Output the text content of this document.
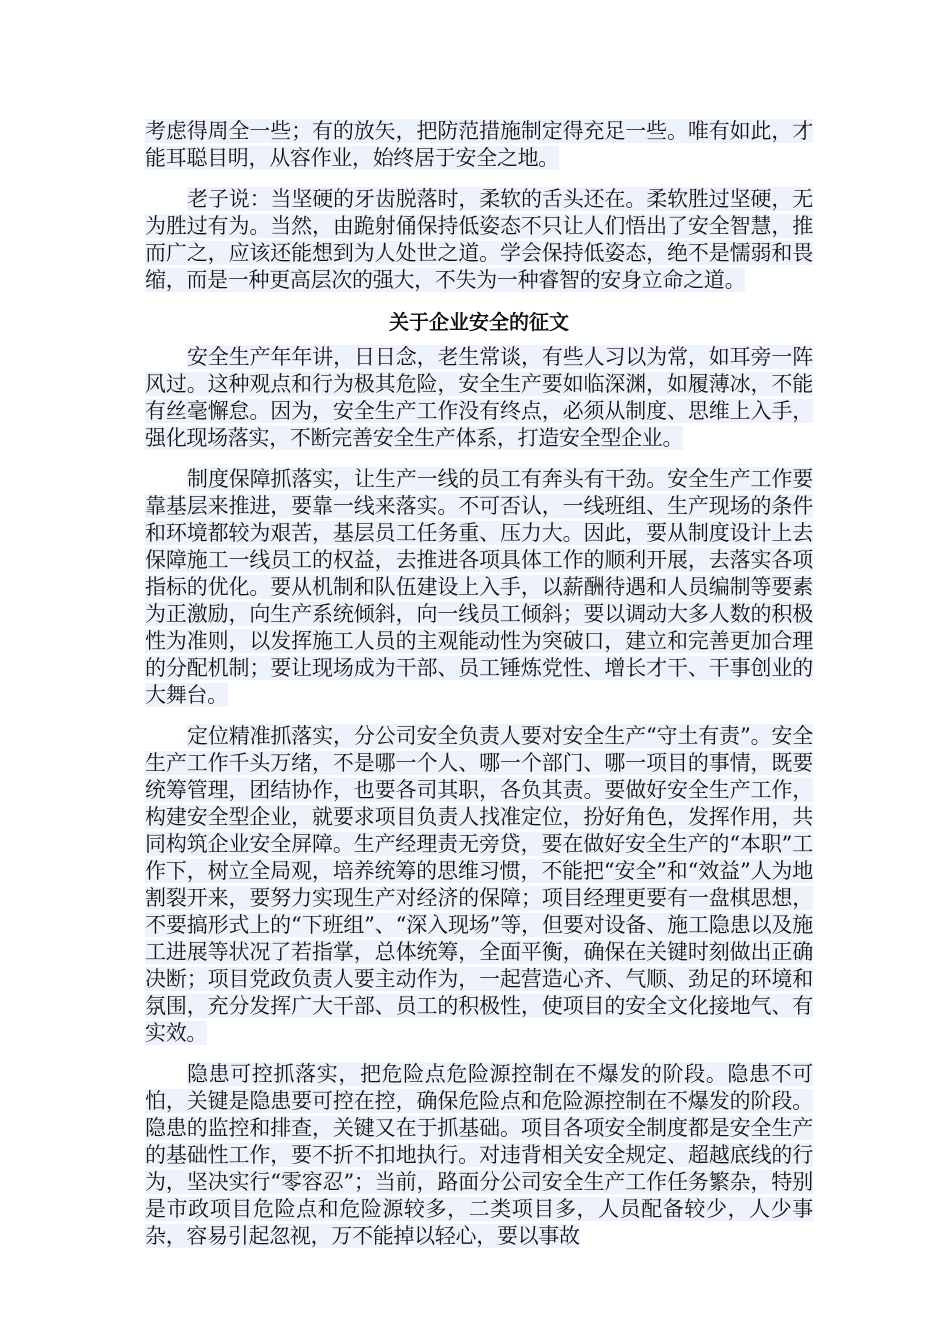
考虑得周全一些；有的放矢，把防范措施制定得充足一些。唯有如此，才能耳聪目明，从容作业，始终居于安全之地。

老子说：当坚硬的牙齿脱落时，柔软的舌头还在。柔软胜过坚硬，无为胜过有为。当然，由跪射俑保持低姿态不只让人们悟出了安全智慧，推而广之，应该还能想到为人处世之道。学会保持低姿态，绝不是懦弱和畏缩，而是一种更高层次的强大，不失为一种睿智的安身立命之道。

关于企业安全的征文

安全生产年年讲，日日念，老生常谈，有些人习以为常，如耳旁一阵风过。这种观点和行为极其危险，安全生产要如临深渊，如履薄冰，不能有丝毫懈怠。因为，安全生产工作没有终点，必须从制度、思维上入手，强化现场落实，不断完善安全生产体系，打造安全型企业。

制度保障抓落实，让生产一线的员工有奔头有干劲。安全生产工作要靠基层来推进，要靠一线来落实。不可否认，一线班组、生产现场的条件和环境都较为艰苦，基层员工任务重、压力大。因此，要从制度设计上去保障施工一线员工的权益，去推进各项具体工作的顺利开展，去落实各项指标的优化。要从机制和队伍建设上入手，以薪酬待遇和人员编制等要素为正激励，向生产系统倾斜，向一线员工倾斜；要以调动大多人数的积极性为准则，以发挥施工人员的主观能动性为突破口，建立和完善更加合理的分配机制；要让现场成为干部、员工锤炼党性、增长才干、干事创业的大舞台。

定位精准抓落实，分公司安全负责人要对安全生产“守土有责”。安全生产工作千头万绪，不是哪一个人、哪一个部门、哪一项目的事情，既要统筹管理，团结协作，也要各司其职，各负其责。要做好安全生产工作，构建安全型企业，就要求项目负责人找准定位，扮好角色，发挥作用，共同构筑企业安全屏障。生产经理责无旁贷，要在做好安全生产的“本职”工作下，树立全局观，培养统筹的思维习惯，不能把“安全”和“效益”人为地割裂开来，要努力实现生产对经济的保障；项目经理更要有一盘棋思想，不要搞形式上的“下班组”、“深入现场”等，但要对设备、施工隐患以及施工进展等状况了若指掌，总体统筹，全面平衡，确保在关键时刻做出正确决断；项目党政负责人要主动作为，一起营造心齐、气顺、劲足的环境和氛围，充分发挥广大干部、员工的积极性，使项目的安全文化接地气、有实效。

隐患可控抓落实，把危险点危险源控制在不爆发的阶段。隐患不可怕，关键是隐患要可控在控，确保危险点和危险源控制在不爆发的阶段。隐患的监控和排查，关键又在于抓基础。项目各项安全制度都是安全生产的基础性工作，要不折不扣地执行。对违背相关安全规定、超越底线的行为，坚决实行“零容忍”；当前，路面分公司安全生产工作任务繁杂，特别是市政项目危险点和危险源较多，二类项目多，人员配备较少，人少事杂，容易引起忽视，万不能掉以轻心，要以事故
